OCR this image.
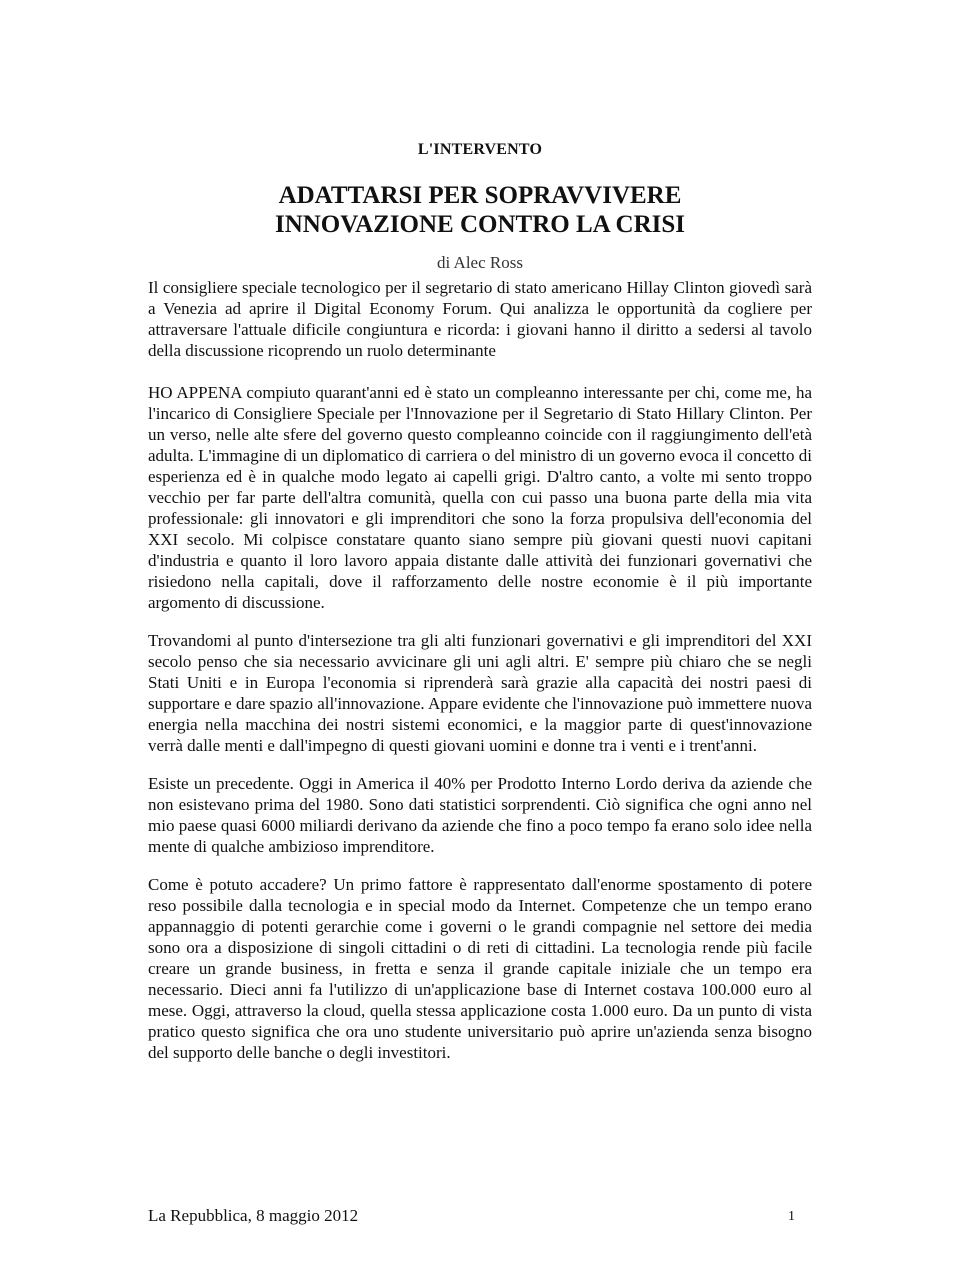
L'INTERVENTO
ADATTARSI PER SOPRAVVIVERE
INNOVAZIONE CONTRO LA CRISI
di Alec Ross

Il consigliere speciale tecnologico per il segretario di stato americano Hillay Clinton giovedì sarà a Venezia ad aprire il Digital Economy Forum. Qui analizza le opportunità da cogliere per attraversare l'attuale dificile congiuntura e ricorda: i giovani hanno il diritto a sedersi al tavolo della discussione ricoprendo un ruolo determinante

HO APPENA compiuto quarant'anni ed è stato un compleanno interessante per chi, come me, ha l'incarico di Consigliere Speciale per l'Innovazione per il Segretario di Stato Hillary Clinton. Per un verso, nelle alte sfere del governo questo compleanno coincide con il raggiungimento dell'età adulta. L'immagine di un diplomatico di carriera o del ministro di un governo evoca il concetto di esperienza ed è in qualche modo legato ai capelli grigi. D'altro canto, a volte mi sento troppo vecchio per far parte dell'altra comunità, quella con cui passo una buona parte della mia vita professionale: gli innovatori e gli imprenditori che sono la forza propulsiva dell'economia del XXI secolo. Mi colpisce constatare quanto siano sempre più giovani questi nuovi capitani d'industria e quanto il loro lavoro appaia distante dalle attività dei funzionari governativi che risiedono nella capitali, dove il rafforzamento delle nostre economie è il più importante argomento di discussione.

Trovandomi al punto d'intersezione tra gli alti funzionari governativi e gli imprenditori del XXI secolo penso che sia necessario avvicinare gli uni agli altri. E' sempre più chiaro che se negli Stati Uniti e in Europa l'economia si riprenderà sarà grazie alla capacità dei nostri paesi di supportare e dare spazio all'innovazione. Appare evidente che l'innovazione può immettere nuova energia nella macchina dei nostri sistemi economici, e la maggior parte di quest'innovazione verrà dalle menti e dall'impegno di questi giovani uomini e donne tra i venti e i trent'anni.

Esiste un precedente. Oggi in America il 40% per Prodotto Interno Lordo deriva da aziende che non esistevano prima del 1980. Sono dati statistici sorprendenti. Ciò significa che ogni anno nel mio paese quasi 6000 miliardi derivano da aziende che fino a poco tempo fa erano solo idee nella mente di qualche ambizioso imprenditore.

Come è potuto accadere? Un primo fattore è rappresentato dall'enorme spostamento di potere reso possibile dalla tecnologia e in special modo da Internet. Competenze che un tempo erano appannaggio di potenti gerarchie come i governi o le grandi compagnie nel settore dei media sono ora a disposizione di singoli cittadini o di reti di cittadini. La tecnologia rende più facile creare un grande business, in fretta e senza il grande capitale iniziale che un tempo era necessario. Dieci anni fa l'utilizzo di un'applicazione base di Internet costava 100.000 euro al mese. Oggi, attraverso la cloud, quella stessa applicazione costa 1.000 euro. Da un punto di vista pratico questo significa che ora uno studente universitario può aprire un'azienda senza bisogno del supporto delle banche o degli investitori.

La Repubblica, 8 maggio 2012	1
